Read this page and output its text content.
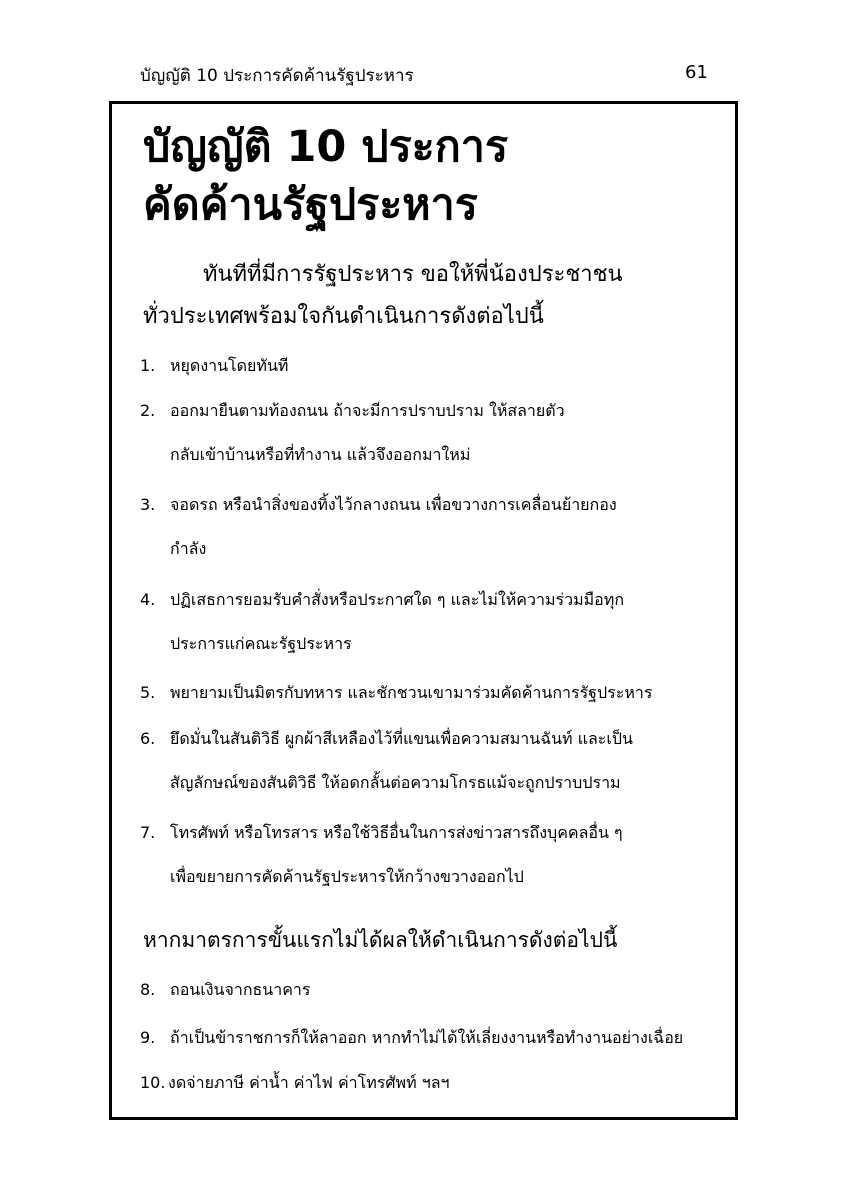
บัญญัติ 10 ประการคัดค้านรัฐประหาร	61
บัญญัติ 10 ประการ
คัดค้านรัฐประหาร
ทันทีที่มีการรัฐประหาร ขอให้พี่น้องประชาชน
ทั่วประเทศพร้อมใจกันดำเนินการดังต่อไปนี้
1. หยุดงานโดยทันที
2. ออกมายืนตามท้องถนน ถ้าจะมีการปราบปราม ให้สลายตัว
กลับเข้าบ้านหรือที่ทำงาน แล้วจึงออกมาใหม่
3. จอดรถ หรือนำสิ่งของทิ้งไว้กลางถนน เพื่อขวางการเคลื่อนย้ายกอง
กำลัง
4. ปฏิเสธการยอมรับคำสั่งหรือประกาศใด ๆ และไม่ให้ความร่วมมือทุก
ประการแก่คณะรัฐประหาร
5. พยายามเป็นมิตรกับทหาร และชักชวนเขามาร่วมคัดค้านการรัฐประหาร
6. ยึดมั่นในสันติวิธี ผูกผ้าสีเหลืองไว้ที่แขนเพื่อความสมานฉันท์ และเป็น
สัญลักษณ์ของสันติวิธี ให้อดกลั้นต่อความโกรธแม้จะถูกปราบปราม
7. โทรศัพท์ หรือโทรสาร หรือใช้วิธีอื่นในการส่งข่าวสารถึงบุคคลอื่น ๆ
เพื่อขยายการคัดค้านรัฐประหารให้กว้างขวางออกไป
หากมาตรการขั้นแรกไม่ได้ผลให้ดำเนินการดังต่อไปนี้
8. ถอนเงินจากธนาคาร
9. ถ้าเป็นข้าราชการก็ให้ลาออก หากทำไม่ได้ให้เลี่ยงงานหรือทำงานอย่างเฉื่อย
10. งดจ่ายภาษี ค่าน้ำ ค่าไฟ ค่าโทรศัพท์ ฯลฯ
